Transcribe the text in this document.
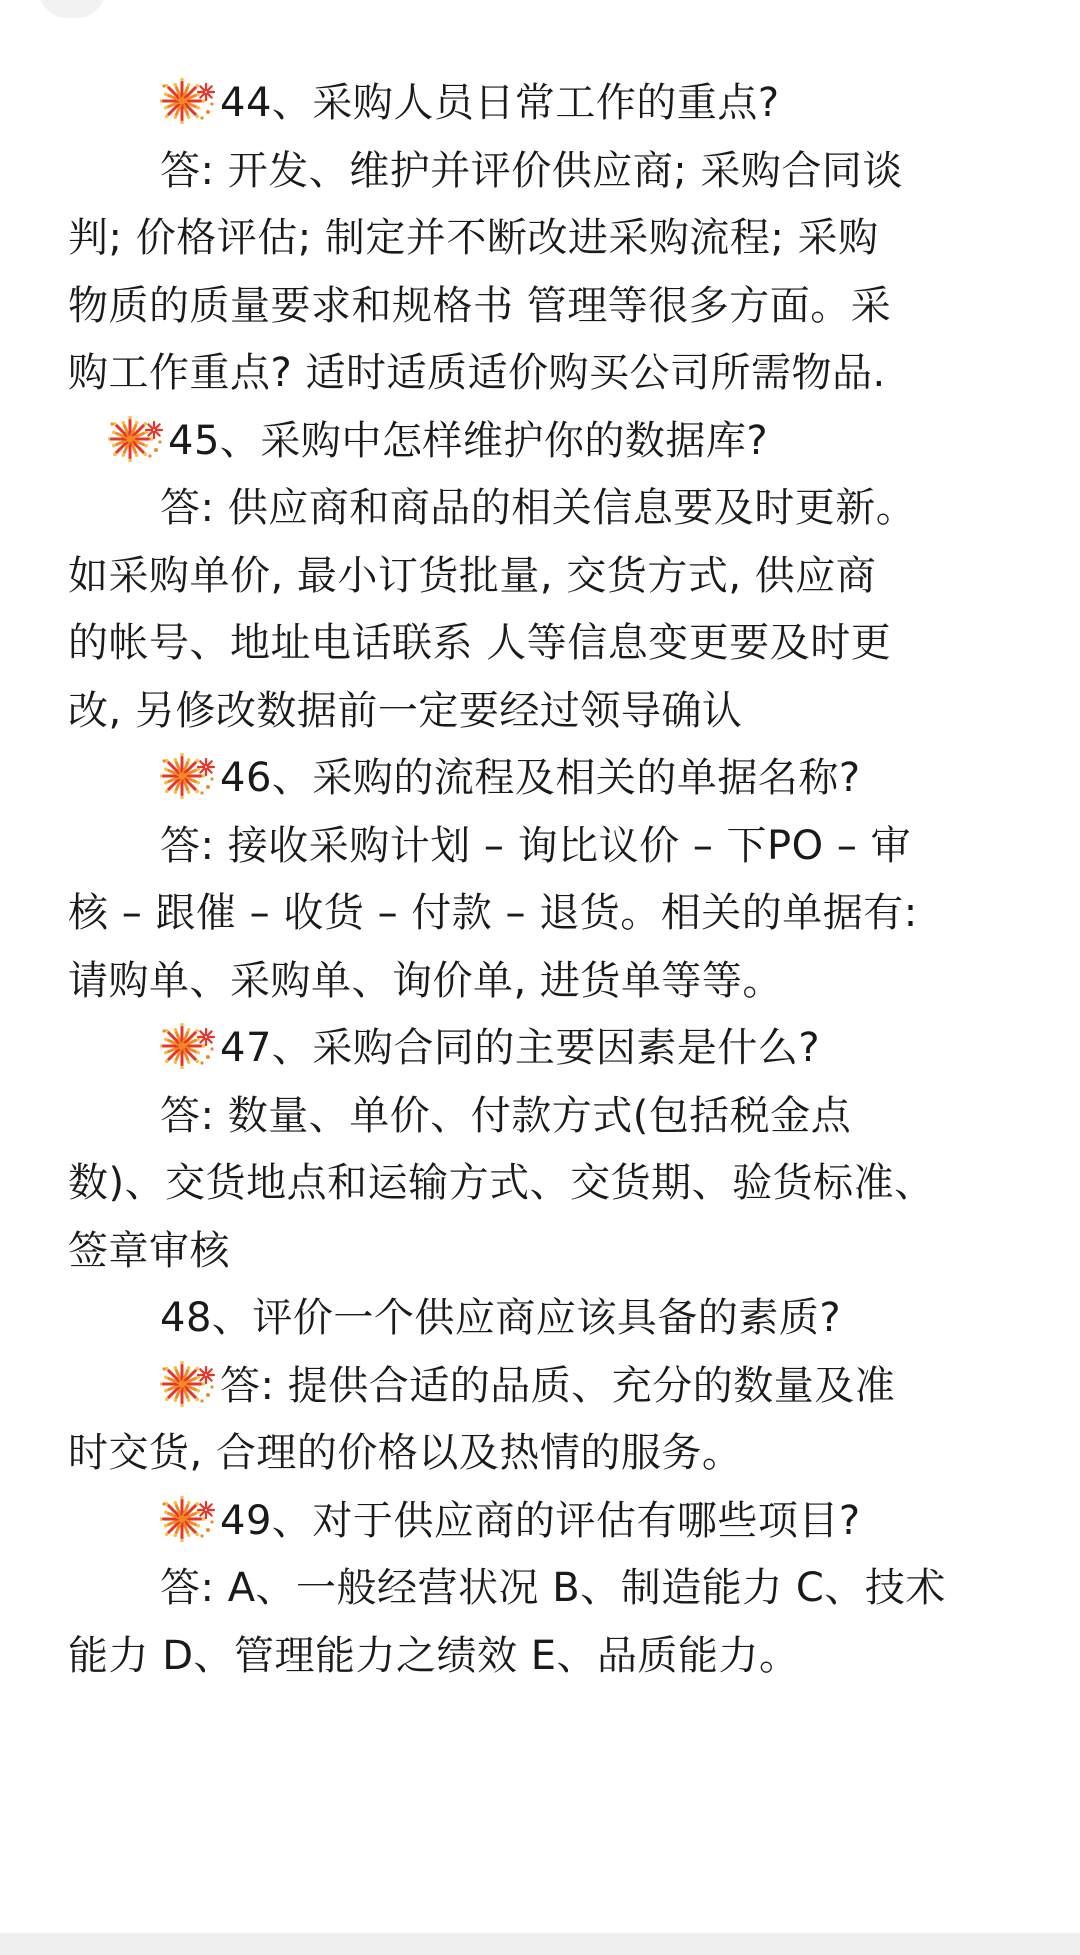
44、采购人员日常工作的重点?
答: 开发、维护并评价供应商; 采购合同谈
判; 价格评估; 制定并不断改进采购流程; 采购
物质的质量要求和规格书 管理等很多方面。采
购工作重点? 适时适质适价购买公司所需物品.
45、采购中怎样维护你的数据库?
答: 供应商和商品的相关信息要及时更新。
如采购单价, 最小订货批量, 交货方式, 供应商
的帐号、地址电话联系 人等信息变更要及时更
改, 另修改数据前一定要经过领导确认
46、采购的流程及相关的单据名称?
答: 接收采购计划 – 询比议价 – 下PO – 审
核 – 跟催 – 收货 – 付款 – 退货。相关的单据有:
请购单、采购单、询价单, 进货单等等。
47、采购合同的主要因素是什么?
答: 数量、单价、付款方式(包括税金点
数)、交货地点和运输方式、交货期、验货标准、
签章审核
48、评价一个供应商应该具备的素质?
答: 提供合适的品质、充分的数量及准
时交货, 合理的价格以及热情的服务。
49、对于供应商的评估有哪些项目?
答: A、一般经营状况 B、制造能力 C、技术
能力 D、管理能力之绩效 E、品质能力。
